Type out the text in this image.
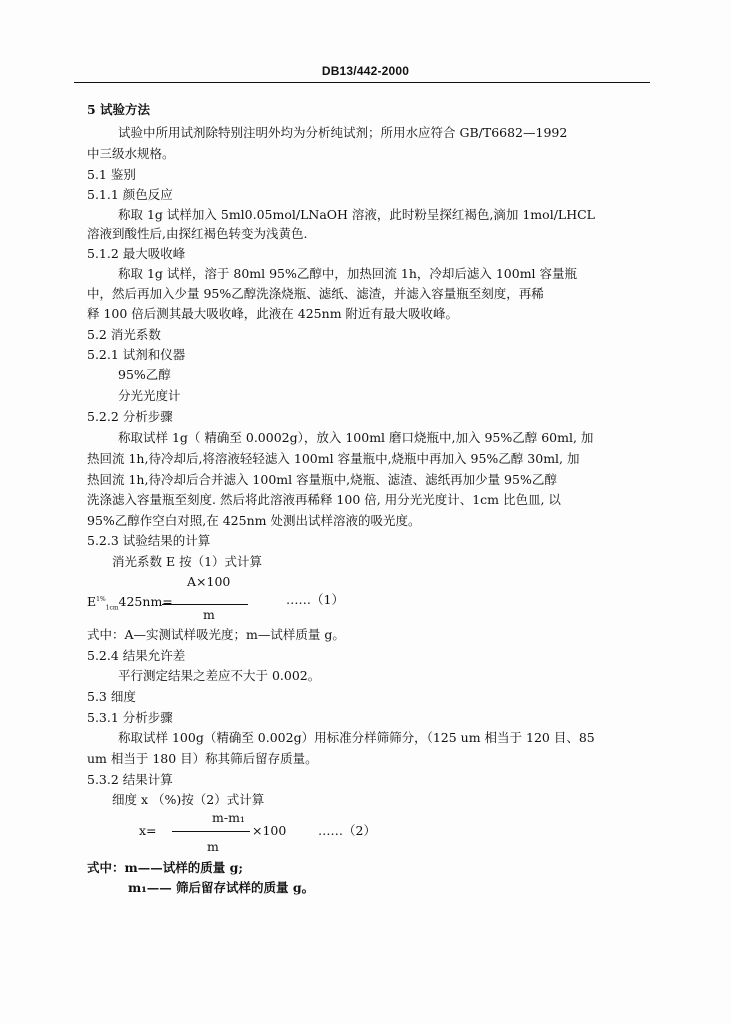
DB13/442-2000
5 试验方法
试验中所用试剂除特别注明外均为分析纯试剂；所用水应符合 GB/T6682—1992
中三级水规格。
5.1 鉴别
5.1.1 颜色反应
称取 1g 试样加入 5ml0.05mol/LNaOH 溶液，此时粉呈探红褐色,滴加 1mol/LHCL
溶液到酸性后,由探红褐色转变为浅黄色.
5.1.2 最大吸收峰
称取 1g 试样，溶于 80ml 95%乙醇中，加热回流 1h，冷却后滤入 100ml 容量瓶
中，然后再加入少量 95%乙醇洗涤烧瓶、滤纸、滤渣，并滤入容量瓶至刻度，再稀
释 100 倍后测其最大吸收峰，此液在 425nm 附近有最大吸收峰。
5.2 消光系数
5.2.1 试剂和仪器
95%乙醇
分光光度计
5.2.2 分析步骤
称取试样 1g（ 精确至 0.0002g），放入 100ml 磨口烧瓶中,加入 95%乙醇 60ml, 加
热回流 1h,待冷却后,将溶液轻轻滤入 100ml 容量瓶中,烧瓶中再加入 95%乙醇 30ml, 加
热回流 1h,待冷却后合并滤入 100ml 容量瓶中,烧瓶、滤渣、滤纸再加少量 95%乙醇
洗涤滤入容量瓶至刻度. 然后将此溶液再稀释 100 倍, 用分光光度计、1cm 比色皿, 以
95%乙醇作空白对照,在 425nm 处测出试样溶液的吸光度。
5.2.3 试验结果的计算
消光系数 E 按（1）式计算
A×100
$E^{1\%}_{1cm}425nm=$	……（1）
m
式中：A—实测试样吸光度；m—试样质量 g。
5.2.4 结果允许差
平行测定结果之差应不大于 0.002。
5.3 细度
5.3.1 分析步骤
称取试样 100g（精确至 0.002g）用标准分样筛筛分，（125 um 相当于 120 目、85
um 相当于 180 目）称其筛后留存质量。
5.3.2 结果计算
细度 x （%)按（2）式计算
m-m₁
x=	×100	……（2）
m
式中：m——试样的质量 g;
m₁—— 筛后留存试样的质量 g。
